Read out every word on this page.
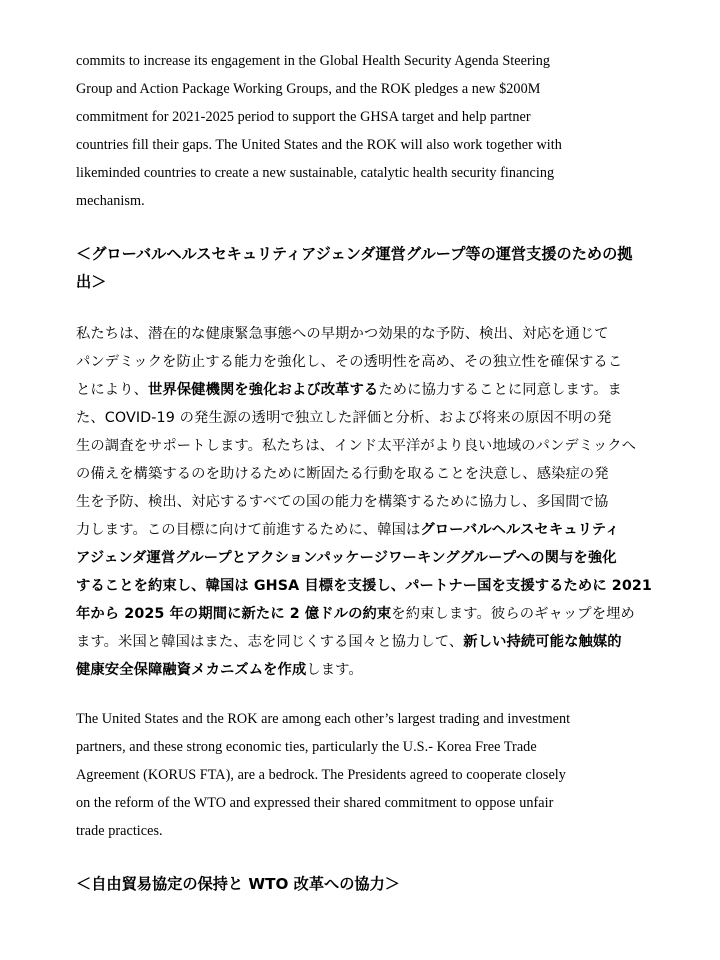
commits to increase its engagement in the Global Health Security Agenda Steering
Group and Action Package Working Groups, and the ROK pledges a new $200M
commitment for 2021-2025 period to support the GHSA target and help partner
countries fill their gaps. The United States and the ROK will also work together with
likeminded countries to create a new sustainable, catalytic health security financing
mechanism.
＜グローバルヘルスセキュリティアジェンダ運営グループ等の運営支援のための拠
出＞
私たちは、潜在的な健康緊急事態への早期かつ効果的な予防、検出、対応を通じて
パンデミックを防止する能力を強化し、その透明性を高め、その独立性を確保するこ
とにより、世界保健機関を強化および改革するために協力することに同意します。ま
た、COVID-19 の発生源の透明で独立した評価と分析、および将来の原因不明の発
生の調査をサポートします。私たちは、インド太平洋がより良い地域のパンデミックへ
の備えを構築するのを助けるために断固たる行動を取ることを決意し、感染症の発
生を予防、検出、対応するすべての国の能力を構築するために協力し、多国間で協
力します。この目標に向けて前進するために、韓国はグローバルヘルスセキュリティ
アジェンダ運営グループとアクションパッケージワーキンググループへの関与を強化
することを約束し、韓国は GHSA 目標を支援し、パートナー国を支援するために 2021
年から 2025 年の期間に新たに 2 億ドルの約束を約束します。彼らのギャップを埋め
ます。米国と韓国はまた、志を同じくする国々と協力して、新しい持続可能な触媒的
健康安全保障融資メカニズムを作成します。
The United States and the ROK are among each other’s largest trading and investment
partners, and these strong economic ties, particularly the U.S.- Korea Free Trade
Agreement (KORUS FTA), are a bedrock. The Presidents agreed to cooperate closely
on the reform of the WTO and expressed their shared commitment to oppose unfair
trade practices.
＜自由貿易協定の保持と WTO 改革への協力＞
